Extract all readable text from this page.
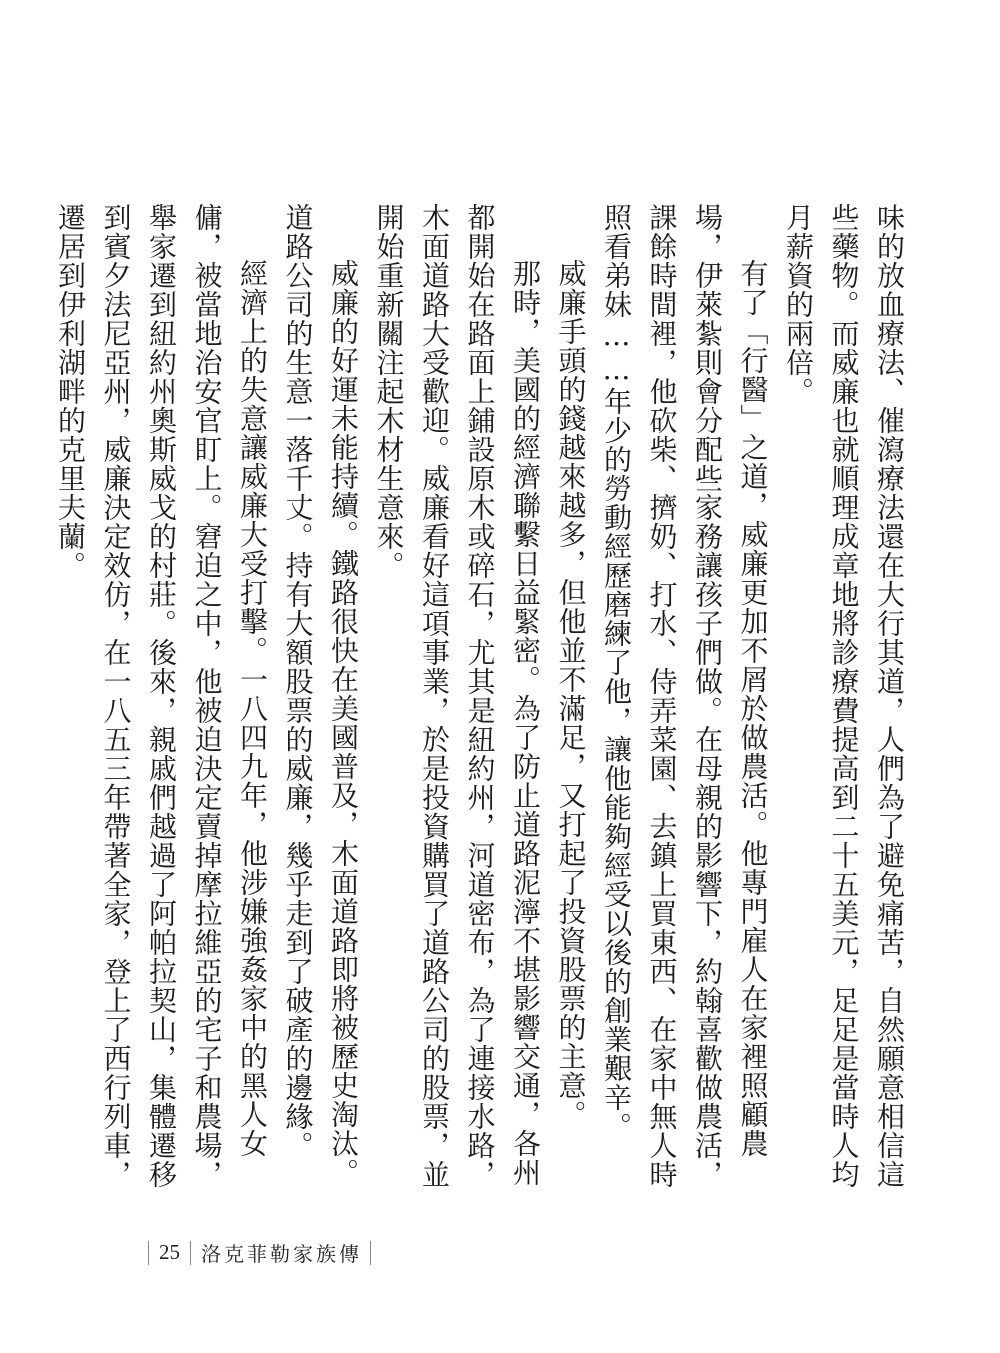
味的放血療法、催瀉療法還在大行其道，人們為了避免痛苦，自然願意相信這些藥物。而威廉也就順理成章地將診療費提高到二十五美元，足足是當時人均月薪資的兩倍。

有了「行醫」之道，威廉更加不屑於做農活。他專門雇人在家裡照顧農場，伊萊紮則會分配些家務讓孩子們做。在母親的影響下，約翰喜歡做農活，課餘時間裡，他砍柴、擠奶、打水、侍弄菜園、去鎮上買東西、在家中無人時照看弟妹……年少的勞動經歷磨練了他，讓他能夠經受以後的創業艱辛。

威廉手頭的錢越來越多，但他並不滿足，又打起了投資股票的主意。

那時，美國的經濟聯繫日益緊密。為了防止道路泥濘不堪影響交通，各州都開始在路面上鋪設原木或碎石，尤其是紐約州，河道密布，為了連接水路，木面道路大受歡迎。威廉看好這項事業，於是投資購買了道路公司的股票，並開始重新關注起木材生意來。

威廉的好運未能持續。鐵路很快在美國普及，木面道路即將被歷史淘汰。道路公司的生意一落千丈。持有大額股票的威廉，幾乎走到了破產的邊緣。

經濟上的失意讓威廉大受打擊。一八四九年，他涉嫌強姦家中的黑人女傭，被當地治安官盯上。窘迫之中，他被迫決定賣掉摩拉維亞的宅子和農場，舉家遷到紐約州奧斯威戈的村莊。後來，親戚們越過了阿帕拉契山，集體遷移到賓夕法尼亞州，威廉決定效仿，在一八五三年帶著全家，登上了西行列車，遷居到伊利湖畔的克里夫蘭。

25	洛克菲勒家族傳
